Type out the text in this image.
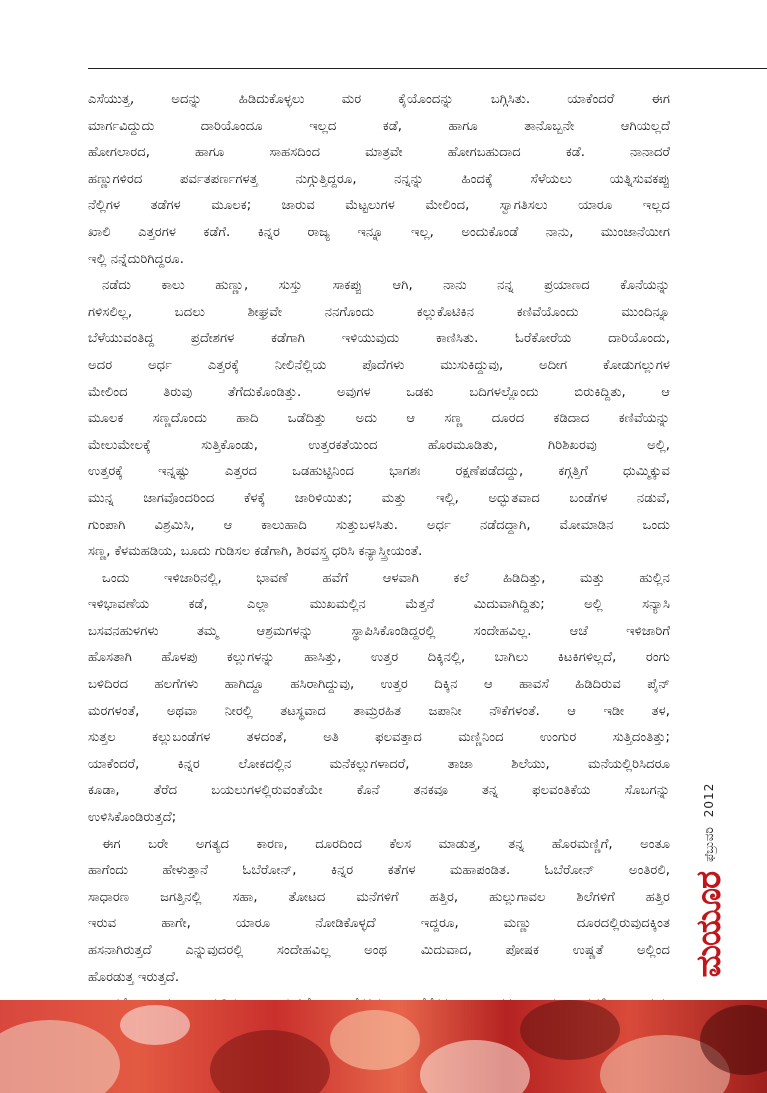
ಎಸೆಯುತ್ತ, ಅದನ್ನು ಹಿಡಿದುಕೊಳ್ಳಲು ಮರ ಕೈಯೊಂದನ್ನು ಬಗ್ಗಿಸಿತು. ಯಾಕೆಂದರೆ ಈಗ
ಮಾರ್ಗವಿದ್ದುದು ದಾರಿಯೊಂದೂ ಇಲ್ಲದ ಕಡೆ, ಹಾಗೂ ತಾನೊಬ್ಬನೇ ಆಗಿಯಲ್ಲದೆ
ಹೋಗಲಾರದ, ಹಾಗೂ ಸಾಹಸದಿಂದ ಮಾತ್ರವೇ ಹೋಗಬಹುದಾದ ಕಡೆ. ನಾನಾದರೆ
ಹಣ್ಣುಗಳಿರದ ಪರ್ವತಪರ್ಣಗಳತ್ತ ನುಗ್ಗುತ್ತಿದ್ದರೂ, ನನ್ನನ್ನು ಹಿಂದಕ್ಕೆ ಸೆಳೆಯಲು ಯತ್ನಿಸುವಕಪ್ಪು
ನೆಲ್ಲಿಗಳ ತಡೆಗಳ ಮೂಲಕ; ಜಾರುವ ಮೆಟ್ಟಲುಗಳ ಮೇಲಿಂದ, ಸ್ವಾಗತಿಸಲು ಯಾರೂ ಇಲ್ಲದ
ಖಾಲಿ ಎತ್ತರಗಳ ಕಡೆಗೆ. ಕಿನ್ನರ ರಾಜ್ಯ ಇನ್ನೂ ಇಲ್ಲ, ಅಂದುಕೊಂಡೆ ನಾನು, ಮುಂಜಾನೆಯೀಗ
ಇಲ್ಲಿ ನನ್ನೆದುರಿಗಿದ್ದರೂ.
ನಡೆದು ಕಾಲು ಹುಣ್ಣು, ಸುಸ್ತು ಸಾಕಪ್ಪು ಆಗಿ, ನಾನು ನನ್ನ ಪ್ರಯಾಣದ ಕೊನೆಯನ್ನು
ಗಳಿಸಲಿಲ್ಲ, ಬದಲು ಶೀಘ್ರವೇ ನನಗೊಂದು ಕಲ್ಲುಕೊಟಿಕಿನ ಕಣಿವೆಯೊಂದು ಮುಂದಿನ್ನೂ
ಬೆಳೆಯುವಂತಿದ್ದ ಪ್ರದೇಶಗಳ ಕಡೆಗಾಗಿ ಇಳಿಯುವುದು ಕಾಣಿಸಿತು. ಓರೆಕೋರೆಯ ದಾರಿಯೊಂದು,
ಅದರ ಅರ್ಧ ಎತ್ತರಕ್ಕೆ ನೀಲಿನೆಲ್ಲಿಯ ಪೊದೆಗಳು ಮುಸುಕಿದ್ದುವು, ಅದೀಗ ಕೋಡುಗಲ್ಲುಗಳ
ಮೇಲಿಂದ ತಿರುವು ತೆಗೆದುಕೊಂಡಿತ್ತು. ಅವುಗಳ ಒಡಕು ಬದಿಗಳಲ್ಲೊಂದು ಬಿರುಕಿದ್ದಿತು, ಆ
ಮೂಲಕ ಸಣ್ಣದೊಂದು ಹಾದಿ ಒಡೆದಿತ್ತು ಅದು ಆ ಸಣ್ಣ ದೂರದ ಕಡಿದಾದ ಕಣಿವೆಯನ್ನು
ಮೇಲುಮೇಲಕ್ಕೆ ಸುತ್ತಿಕೊಂಡು, ಉತ್ತರಕತೆಯಿಂದ ಹೊರಮೂಡಿತು, ಗಿರಿಶಿಖರವು ಅಲ್ಲಿ,
ಉತ್ತರಕ್ಕೆ ಇನ್ನಷ್ಟು ಎತ್ತರದ ಒಡಹುಟ್ಟಿನಿಂದ ಭಾಗಶಃ ರಕ್ಷಣೆಪಡೆದದ್ದು, ಕಗ್ಗತ್ತಿಗೆ ಧುಮ್ಮಿಕ್ಕುವ
ಮುನ್ನ ಜಾಗವೊಂದರಿಂದ ಕೆಳಕ್ಕೆ ಜಾರಿಳಿಯಿತು; ಮತ್ತು ಇಲ್ಲಿ, ಅದ್ಭುತವಾದ ಬಂಡೆಗಳ ನಡುವೆ,
ಗುಂಪಾಗಿ ವಿಶ್ರಮಿಸಿ, ಆ ಕಾಲುಹಾದಿ ಸುತ್ತುಬಳಸಿತು. ಅರ್ಧ ನಡೆದದ್ದಾಗಿ, ಮೋಮಾಡಿನ ಒಂದು
ಸಣ್ಣ, ಕೆಳಮಹಡಿಯ, ಬೂದು ಗುಡಿಸಲ ಕಡೆಗಾಗಿ, ಶಿರವಸ್ತ್ರ ಧರಿಸಿ ಕನ್ಯಾಸ್ತ್ರೀಯಂತೆ.
ಒಂದು ಇಳಿಜಾರಿನಲ್ಲಿ, ಭಾವಣೆ ಹವೆಗೆ ಆಳವಾಗಿ ಕಲೆ ಹಿಡಿದಿತ್ತು, ಮತ್ತು ಹುಲ್ಲಿನ
ಇಳಿಭಾವಣೆಯ ಕಡೆ, ಎಲ್ಲಾ ಮುಖಮಲ್ಲಿನ ಮೆತ್ತನೆ ಮಿದುವಾಗಿದ್ದಿತು; ಅಲ್ಲಿ ಸನ್ಯಾಸಿ
ಬಸವನಹುಳಗಳು ತಮ್ಮ ಆಶ್ರಮಗಳನ್ನು ಸ್ಥಾಪಿಸಿಕೊಂಡಿದ್ದರಲ್ಲಿ ಸಂದೇಹವಿಲ್ಲ. ಆಚೆ ಇಳಿಜಾರಿಗೆ
ಹೊಸತಾಗಿ ಹೊಳಪು ಕಲ್ಲುಗಳನ್ನು ಹಾಸಿತ್ತು, ಉತ್ತರ ದಿಕ್ಕಿನಲ್ಲಿ, ಬಾಗಿಲು ಕಿಟಕಿಗಳಿಲ್ಲದೆ, ರಂಗು
ಬಳಿದಿರದ ಹಲಗೆಗಳು ಹಾಗಿದ್ದೂ ಹಸಿರಾಗಿದ್ದುವು, ಉತ್ತರ ದಿಕ್ಕಿನ ಆ ಹಾವಸೆ ಹಿಡಿದಿರುವ ಪೈನ್
ಮರಗಳಂತೆ, ಅಥವಾ ನೀರಲ್ಲಿ ತಟಸ್ಥವಾದ ತಾಮ್ರರಹಿತ ಜಪಾನೀ ನೌಕೆಗಳಂತೆ. ಆ ಇಡೀ ತಳ,
ಸುತ್ತಲ ಕಲ್ಲುಬಂಡೆಗಳ ತಳದಂತೆ, ಅತಿ ಫಲವತ್ತಾದ ಮಣ್ಣಿನಿಂದ ಉಂಗುರ ಸುತ್ತಿದಂತಿತ್ತು;
ಯಾಕೆಂದರೆ, ಕಿನ್ನರ ಲೋಕದಲ್ಲಿನ ಮನೆಕಲ್ಲುಗಳಾದರೆ, ತಾಜಾ ಶಿಲೆಯು, ಮನೆಯಲ್ಲಿರಿಸಿದರೂ
ಕೂಡಾ, ತೆರೆದ ಬಯಲುಗಳಲ್ಲಿರುವಂತೆಯೇ ಕೊನೆ ತನಕವೂ ತನ್ನ ಫಲವಂತಿಕೆಯ ಸೊಬಗನ್ನು
ಉಳಿಸಿಕೊಂಡಿರುತ್ತದೆ;
ಈಗ ಬರೇ ಅಗತ್ಯದ ಕಾರಣ, ದೂರದಿಂದ ಕೆಲಸ ಮಾಡುತ್ತ, ತನ್ನ ಹೊರಮಣ್ಣಿಗೆ, ಅಂತೂ
ಹಾಗೆಂದು ಹೇಳುತ್ತಾನೆ ಓಬೆರೋನ್, ಕಿನ್ನರ ಕತೆಗಳ ಮಹಾಪಂಡಿತ. ಓಬೆರೋನ್ ಅಂತಿರಲಿ,
ಸಾಧಾರಣ ಜಗತ್ತಿನಲ್ಲಿ ಸಹಾ, ತೋಟದ ಮನೆಗಳಿಗೆ ಹತ್ತಿರ, ಹುಲ್ಲುಗಾವಲ ಶಿಲೆಗಳಿಗೆ ಹತ್ತಿರ
ಇರುವ ಹಾಗೇ, ಯಾರೂ ನೋಡಿಕೊಳ್ಳದೆ ಇದ್ದರೂ, ಮಣ್ಣು ದೂರದಲ್ಲಿರುವುದಕ್ಕಿಂತ
ಹಸನಾಗಿರುತ್ತದೆ ಎನ್ನುವುದರಲ್ಲಿ ಸಂದೇಹವಿಲ್ಲ ಅಂಥ ಮಿದುವಾದ, ಪೋಷಕ ಉಷ್ಣತೆ ಅಲ್ಲಿಂದ
ಹೊರಡುತ್ತ ಇರುತ್ತದೆ.	ಮಯೂರ
ಫೆಬ್ರುವರಿ
2012
